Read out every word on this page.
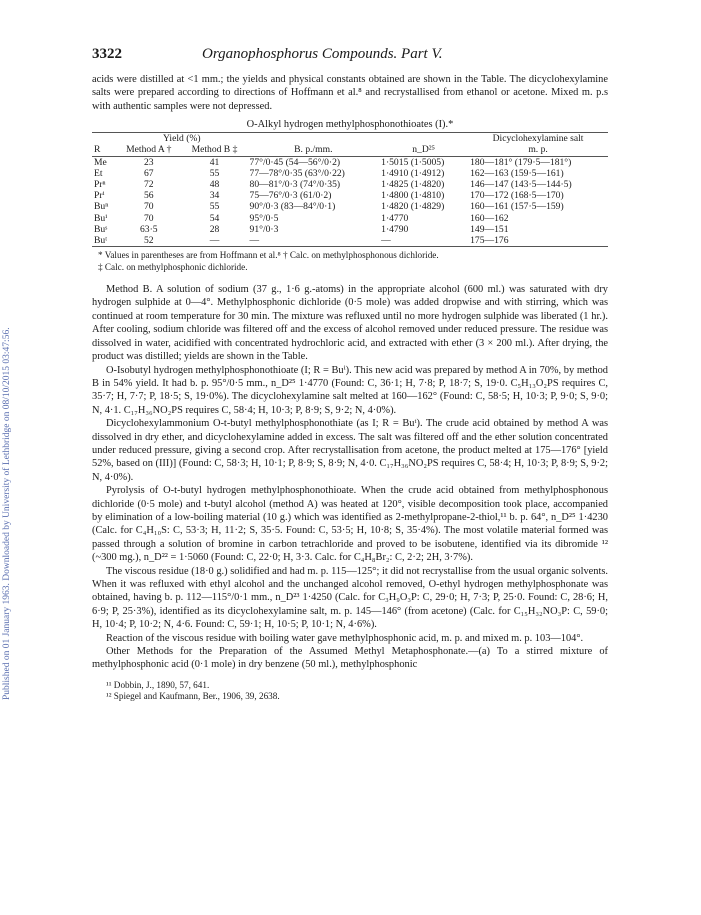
Published on 01 January 1963. Downloaded by University of Lethbridge on 08/10/2015 03:47:56.
3322	Organophosphorus Compounds. Part V.

acids were distilled at <1 mm.; the yields and physical constants obtained are shown in the Table. The dicyclohexylamine salts were prepared according to directions of Hoffmann et al.⁸ and recrystallised from ethanol or acetone. Mixed m. p.s with authentic samples were not depressed.

O-Alkyl hydrogen methylphosphonothioates (I).*
	Yield (%)				Dicyclohexylamine salt
R	Method A †	Method B ‡	B. p./mm.	n_D²⁵	m. p.
Me	23	41	77°/0·45 (54—56°/0·2)	1·5015 (1·5005)	180—181° (179·5—181°)
Et	67	55	77—78°/0·35 (63°/0·22)	1·4910 (1·4912)	162—163 (159·5—161)
Prⁿ	72	48	80—81°/0·3 (74°/0·35)	1·4825 (1·4820)	146—147 (143·5—144·5)
Prⁱ	56	34	75—76°/0·3 (61/0·2)	1·4800 (1·4810)	170—172 (168·5—170)
Buⁿ	70	55	90°/0·3 (83—84°/0·1)	1·4820 (1·4829)	160—161 (157·5—159)
Buⁱ	70	54	95°/0·5	1·4770	160—162
Buˢ	63·5	28	91°/0·3	1·4790	149—151
Buᵗ	52	—	—	—	175—176
* Values in parentheses are from Hoffmann et al.⁸ † Calc. on methylphosphonous dichloride.
‡ Calc. on methylphosphonic dichloride.

Method B. A solution of sodium (37 g., 1·6 g.-atoms) in the appropriate alcohol (600 ml.) was saturated with dry hydrogen sulphide at 0—4°. Methylphosphonic dichloride (0·5 mole) was added dropwise and with stirring, which was continued at room temperature for 30 min. The mixture was refluxed until no more hydrogen sulphide was liberated (1 hr.). After cooling, sodium chloride was filtered off and the excess of alcohol removed under reduced pressure. The residue was dissolved in water, acidified with concentrated hydrochloric acid, and extracted with ether (3 × 200 ml.). After drying, the product was distilled; yields are shown in the Table.

O-Isobutyl hydrogen methylphosphonothioate (I; R = Buⁱ). This new acid was prepared by method A in 70%, by method B in 54% yield. It had b. p. 95°/0·5 mm., n_D²⁵ 1·4770 (Found: C, 36·1; H, 7·8; P, 18·7; S, 19·0. C₅H₁₃O₂PS requires C, 35·7; H, 7·7; P, 18·5; S, 19·0%). The dicyclohexylamine salt melted at 160—162° (Found: C, 58·5; H, 10·3; P, 9·0; S, 9·0; N, 4·1. C₁₇H₃₆NO₂PS requires C, 58·4; H, 10·3; P, 8·9; S, 9·2; N, 4·0%).

Dicyclohexylammonium O-t-butyl methylphosphonothiate (as I; R = Buᵗ). The crude acid obtained by method A was dissolved in dry ether, and dicyclohexylamine added in excess. The salt was filtered off and the ether solution concentrated under reduced pressure, giving a second crop. After recrystallisation from acetone, the product melted at 175—176° [yield 52%, based on (III)] (Found: C, 58·3; H, 10·1; P, 8·9; S, 8·9; N, 4·0. C₁₇H₃₆NO₂PS requires C, 58·4; H, 10·3; P, 8·9; S, 9·2; N, 4·0%).

Pyrolysis of O-t-butyl hydrogen methylphosphonothioate. When the crude acid obtained from methylphosphonous dichloride (0·5 mole) and t-butyl alcohol (method A) was heated at 120°, visible decomposition took place, accompanied by elimination of a low-boiling material (10 g.) which was identified as 2-methylpropane-2-thiol,¹¹ b. p. 64°, n_D²⁵ 1·4230 (Calc. for C₄H₁₀S: C, 53·3; H, 11·2; S, 35·5. Found: C, 53·5; H, 10·8; S, 35·4%). The most volatile material formed was passed through a solution of bromine in carbon tetrachloride and proved to be isobutene, identified via its dibromide ¹² (~300 mg.), n_D²² = 1·5060 (Found: C, 22·0; H, 3·3. Calc. for C₄H₈Br₂: C, 2·2; 2H, 3·7%).

The viscous residue (18·0 g.) solidified and had m. p. 115—125°; it did not recrystallise from the usual organic solvents. When it was refluxed with ethyl alcohol and the unchanged alcohol removed, O-ethyl hydrogen methylphosphonate was obtained, having b. p. 112—115°/0·1 mm., n_D²³ 1·4250 (Calc. for C₃H₉O₃P: C, 29·0; H, 7·3; P, 25·0. Found: C, 28·6; H, 6·9; P, 25·3%), identified as its dicyclohexylamine salt, m. p. 145—146° (from acetone) (Calc. for C₁₅H₃₂NO₃P: C, 59·0; H, 10·4; P, 10·2; N, 4·6. Found: C, 59·1; H, 10·5; P, 10·1; N, 4·6%).

Reaction of the viscous residue with boiling water gave methylphosphonic acid, m. p. and mixed m. p. 103—104°.

Other Methods for the Preparation of the Assumed Methyl Metaphosphonate.—(a) To a stirred mixture of methylphosphonic acid (0·1 mole) in dry benzene (50 ml.), methylphosphonic

¹¹ Dobbin, J., 1890, 57, 641.
¹² Spiegel and Kaufmann, Ber., 1906, 39, 2638.
